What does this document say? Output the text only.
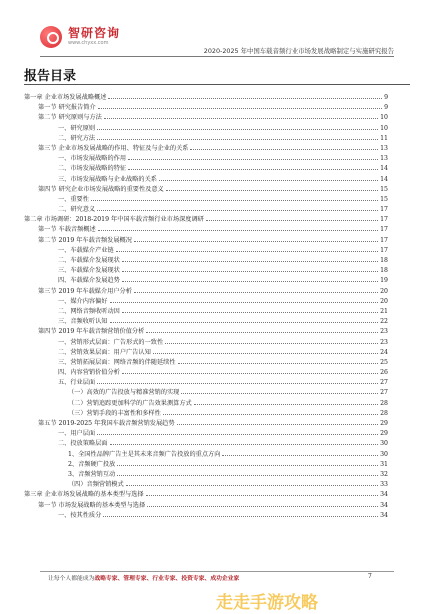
智研咨询
www.chyxx.com
2020-2025 年中国车载音频行业市场发展战略制定与实施研究报告
报告目录
第一章 企业市场发展战略概述	9
第一节 研究报告简介	9
第二节 研究原则与方法	10
一、研究原则	10
二、研究方法	11
第三节 企业市场发展战略的作用、特征及与企业的关系	13
一、市场发展战略的作用	13
二、市场发展战略的特征	14
三、市场发展战略与企业战略的关系	14
第四节 研究企业市场发展战略的重要性及意义	15
一、重要性	15
二、研究意义	17
第二章 市场调研：2018-2019 年中国车载音频行业市场深度调研	17
第一节 车载音频概述	17
第二节 2019 年车载音频发展概况	17
一、车载媒介产业链	17
二、车载媒介发展现状	18
三、车载媒介发展现状	18
四、车载媒介发展趋势	19
第三节 2019 年车载媒介用户分析	20
一、媒介内容偏好	20
二、网络音频收听动因	21
三、音频收听认知	22
第四节 2019 年车载音频营销价值分析	23
一、营销形式层面：广告形式的一致性	23
二、营销效果层面：用户广告认知	24
三、营销拓展层面：网络音频的伴随延续性	25
四、内容营销价值分析	26
五、行业层面	27
（一）高效的广告投放与精准营销的实现	27
（二）营销追踪更加科学的广告效果测算方式	28
（三）营销手段的丰富性和多样性	28
第五节 2019-2025 年我国车载音频营销发展趋势	29
一、用户层面	29
二、投放策略层面	30
1、全国性品牌广告主是其未来音频广告投放的重点方向	30
2、音频硬广投放	31
3、音频营销互动	32
（四）音频营销模式	33
第三章 企业市场发展战略的基本类型与选择	34
第一节 市场发展战略的基本类型与选择	34
一、按其性质分	34
让每个人都能成为战略专家、管理专家、行业专家、投资专家、成功企业家	7
走走手游攻略
